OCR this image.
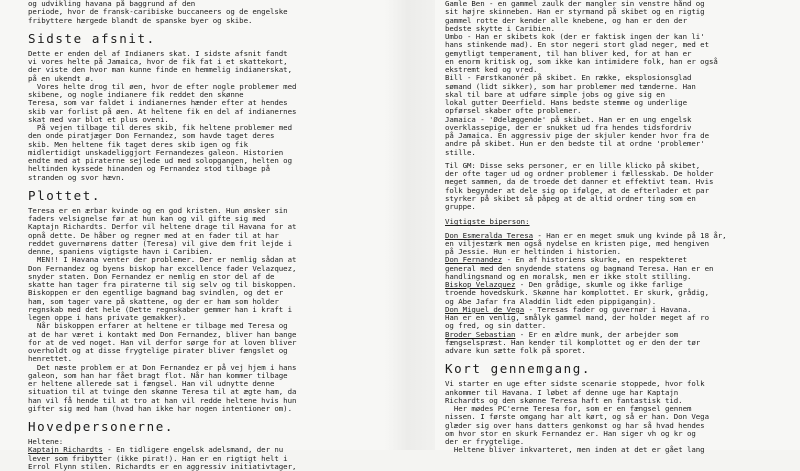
og udvikling havana på baggrund af den

periode, hvor de fransk-caribiske buccaneers og de engelske

fribyttere hærgede blandt de spanske byer og skibe.

Sidste afsnit.

Dette er enden del af Indianers skat. I sidste afsnit fandt

vi vores helte på Jamaica, hvor de fik fat i et skattekort,

der viste den hvor man kunne finde en hemmelig indianerskat,

på en ukendt ø.

Vores helte drog til øen, hvor de efter nogle problemer med

skibene, og nogle indianere fik reddet den skønne

Teresa, som var faldet i indianernes hænder efter at hendes

skib var forlist på øen. At heltene fik en del af indianernes

skat med var blot et plus oveni.

På vejen tilbage til deres skib, fik heltene problemer med

den onde piratjæger Don Fernandez, som havde taget deres

skib. Men heltene fik taget deres skib igen og fik

midlertidigt unskadeliggjort Fernandezes galeon. Historien

endte med at piraterne sejlede ud med solopgangen, helten og

heltinden kyssede hinanden og Fernandez stod tilbage på

stranden og svor hævn.

Plottet.

Teresa er en ærbar kvinde og en god kristen. Hun ønsker sin

faders velsignelse før at hun kan og vil gifte sig med

Kaptajn Richardts. Derfor vil heltene drage til Havana for at

opnå dette. De håber og regner med at en fader til at har

reddet guvernørens datter (Teresa) vil give dem frit lejde i

denne, spaniens vigtigste havn i Caribien.

MEN!! I Havana venter der problemer. Der er nemlig sådan at

Don Fernandez og byens biskop har excellence fader Velazquez,

snyder staten. Don Fernandez er nemlig en stor del af de

skatte han tager fra piraterne til sig selv og til biskoppen.

Biskoppen er den egentlige bagmand bag svindlen, og det er

ham, som tager vare på skattene, og der er ham som holder

regnskab med det hele (Dette regnskaber gemmer han i kraft i

legen oppe i hans private gemakker).

Når biskoppen erfarer at heltene er tilbage med Teresa og

at de har været i kontakt med Don Fernandez, bliver han bange

for at de ved noget. Han vil derfor sørge for at loven bliver

overholdt og at disse frygtelige pirater bliver fængslet og

henrettet.

Det næste problem er at Don Fernandez er på vej hjem i hans

galeon, som han har fået bragt flot. Når han kommer tilbage

er heltene allerede sat i fængsel. Han vil udnytte denne

situation til at tvinge den skønne Teresa til at ægte ham, da

han vil få hende til at tro at han vil redde heltene hvis hun

gifter sig med ham (hvad han ikke har nogen intentioner om).

Hovedpersonerne.

Heltene:

Kaptajn Richardts - En tidligere engelsk adelsmand, der nu

lever som fribytter (ikke pirat!). Han er en rigtigt helt i

Errol Flynn stilen. Richardts er en aggressiv initiativtager,

Gamle Ben - en gammel zaulk der mangler sin venstre hånd og

sit højre skinneben. Han er styrmand på skibet og en rigtig

gammel rotte der kender alle knebene, og han er den der

bedste skytte i Caribien.

Umbo - Han er skibets kok (der er faktisk ingen der kan li'

hans stinkende mad). En stor negeri stort glad neger, med et

gemytligt temperament, til han bliver ked, for at han er

en enorm kritisk og, som ikke kan intimidere folk, han er også

ekstremt ked og vred.

Bill - Førstkanonér på skibet. En række, eksplosionsglad

sømand (lidt sikker), som har problemer med tænderne. Han

skal til bare at udføre simple jobs og give sig en

lokal gutter Deerfield. Hans bedste stemme og underlige

opførsel skaber ofte problemer.

Jamaica - 'Ødelæggende' på skibet. Han er en ung engelsk

overklassepige, der er snukket ud fra hendes tidsfordriv

på Jamaica. En aggressiv pige der skjuler kender hvor fra de

andre på skibet. Hun er den bedste til at ordne 'problemer'

stille.

Til GM: Disse seks personer, er en lille klicko på skibet,

der ofte tager ud og ordner problemer i fællesskab. De holder

meget sammen, da de troede det danner et effektivt team. Hvis

folk begynder at dele sig op ifølge, at de efterlader et par

styrker på skibet så påpeg at de altid ordner ting som en

gruppe.

Vigtigste biperson:

Don Esmeralda Teresa - Han er en meget smuk ung kvinde på 18 år,

en viljestærk men også nydelse en kristen pige, med hengiven

på Jessie. Hun er heltinden i historien.

Don Fernandez - En af historiens skurke, en respekteret

general med den snydende statens og bagmand Teresa. Han er en

handlingsmand og en moralsk, men er ikke stolt stilling.

Biskop Velazquez - Den grådige, skumle og ikke farlige

troende hovedskurk. Skønne har komplottet. Er skurk, grådig,

og Abe Jafar fra Aladdin lidt eden pippigangin).

Don Miguel de Vega - Teresas fader og guvernør i Havana.

Han er en venlig, smålyk gammel mand, der holder meget af ro

og fred, og sin datter.

Broder Sebastian - Er en ældre munk, der arbejder som

fængselspræst. Han kender til komplottet og er den der tør

advare kun sætte folk på sporet.

Kort gennemgang.

Vi starter en uge efter sidste scenarie stoppede, hvor folk

ankommer til Havana. I løbet af denne uge har Kaptajn

Richardts og den skønne Teresa haft en fantastisk tid.

Her mødes PC'erne Teresa for, som er en fængsel gennem

nissen. I første omgang har alt kørt, og så er han. Don Vega

glæder sig over hans datters genkomst og har så hvad hendes

om hvor stor en skurk Fernandez er. Han siger vh og kr og

der er frygtelige.

Heltene bliver inkvarteret, men inden at det er gået lang
